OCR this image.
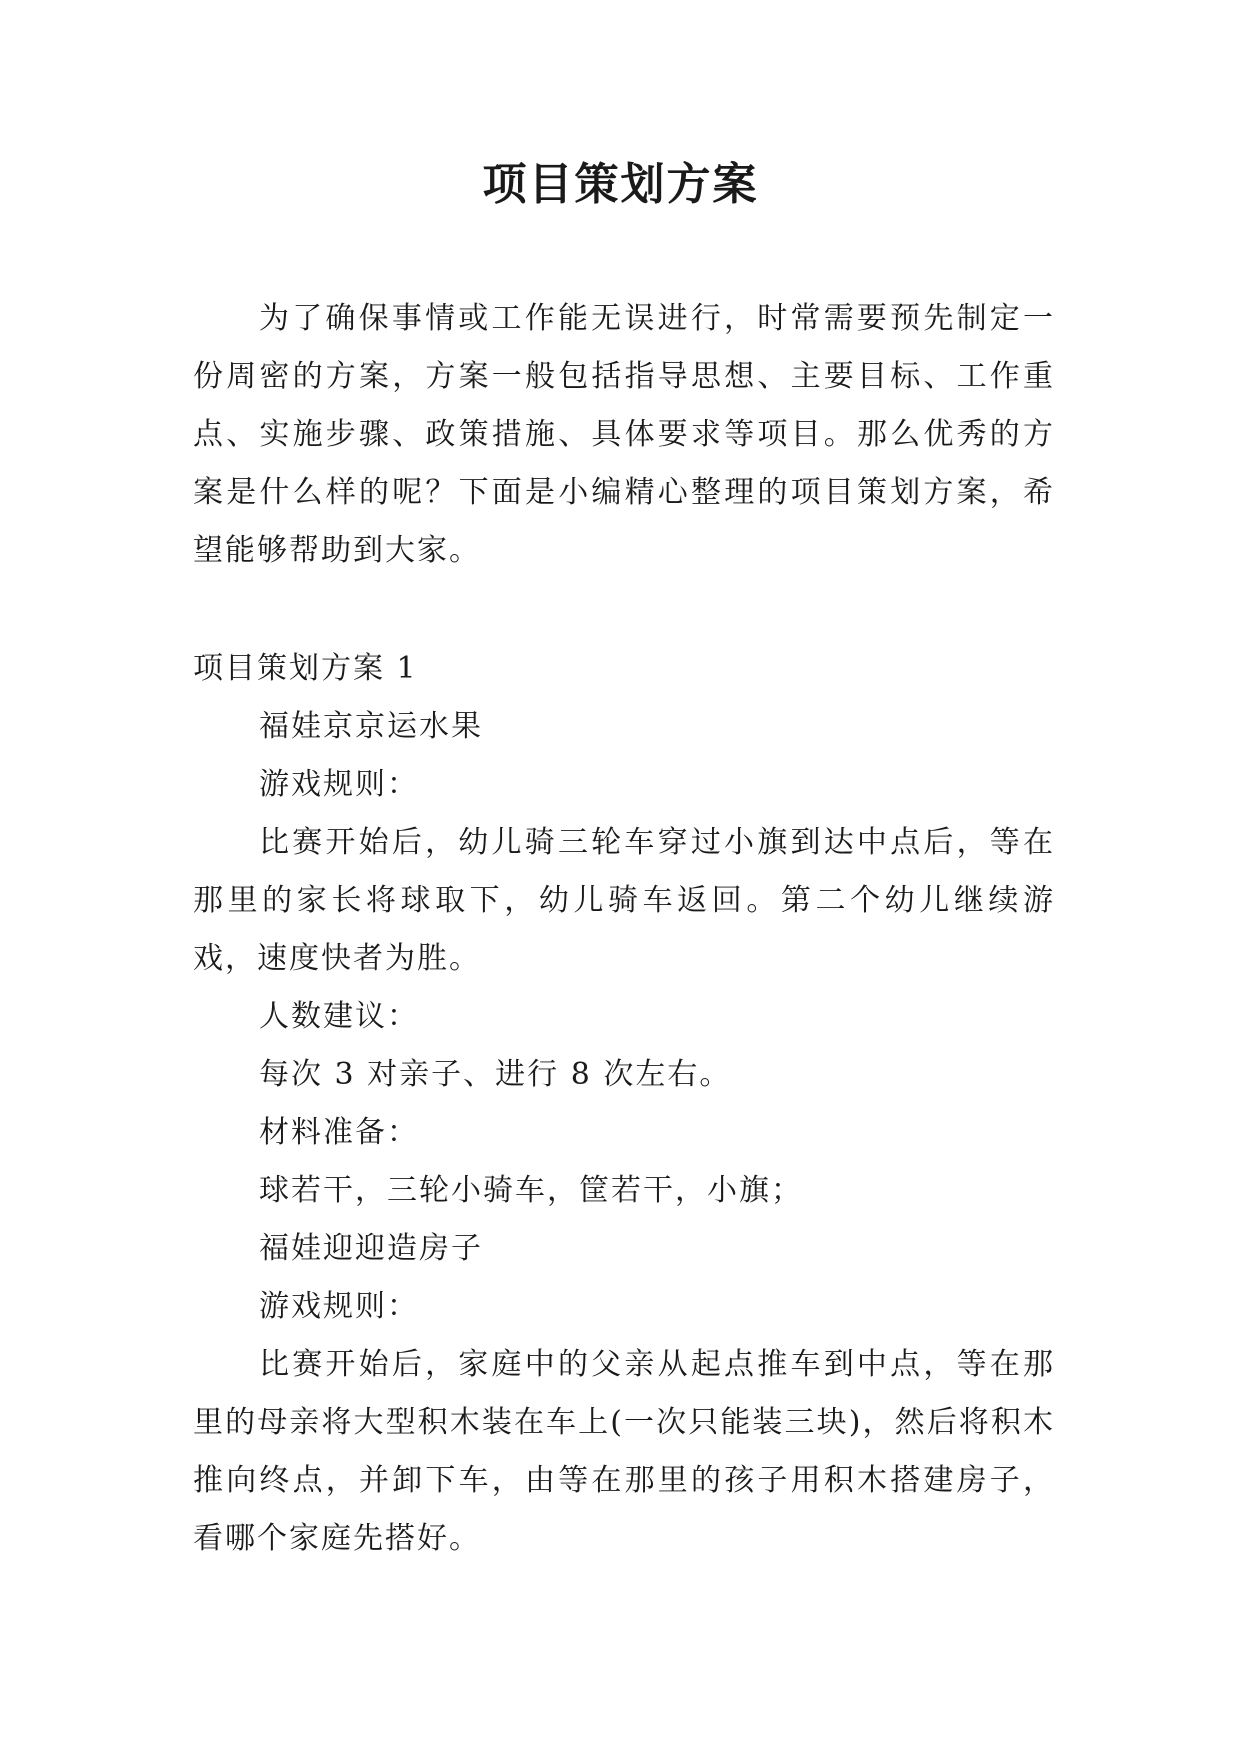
项目策划方案

为了确保事情或工作能无误进行，时常需要预先制定一份周密的方案，方案一般包括指导思想、主要目标、工作重点、实施步骤、政策措施、具体要求等项目。那么优秀的方案是什么样的呢？下面是小编精心整理的项目策划方案，希望能够帮助到大家。

项目策划方案 1

福娃京京运水果

游戏规则：

比赛开始后，幼儿骑三轮车穿过小旗到达中点后，等在那里的家长将球取下，幼儿骑车返回。第二个幼儿继续游戏，速度快者为胜。

人数建议：

每次 3 对亲子、进行 8 次左右。

材料准备：

球若干，三轮小骑车，筐若干，小旗；

福娃迎迎造房子

游戏规则：

比赛开始后，家庭中的父亲从起点推车到中点，等在那里的母亲将大型积木装在车上(一次只能装三块)，然后将积木推向终点，并卸下车，由等在那里的孩子用积木搭建房子，看哪个家庭先搭好。
